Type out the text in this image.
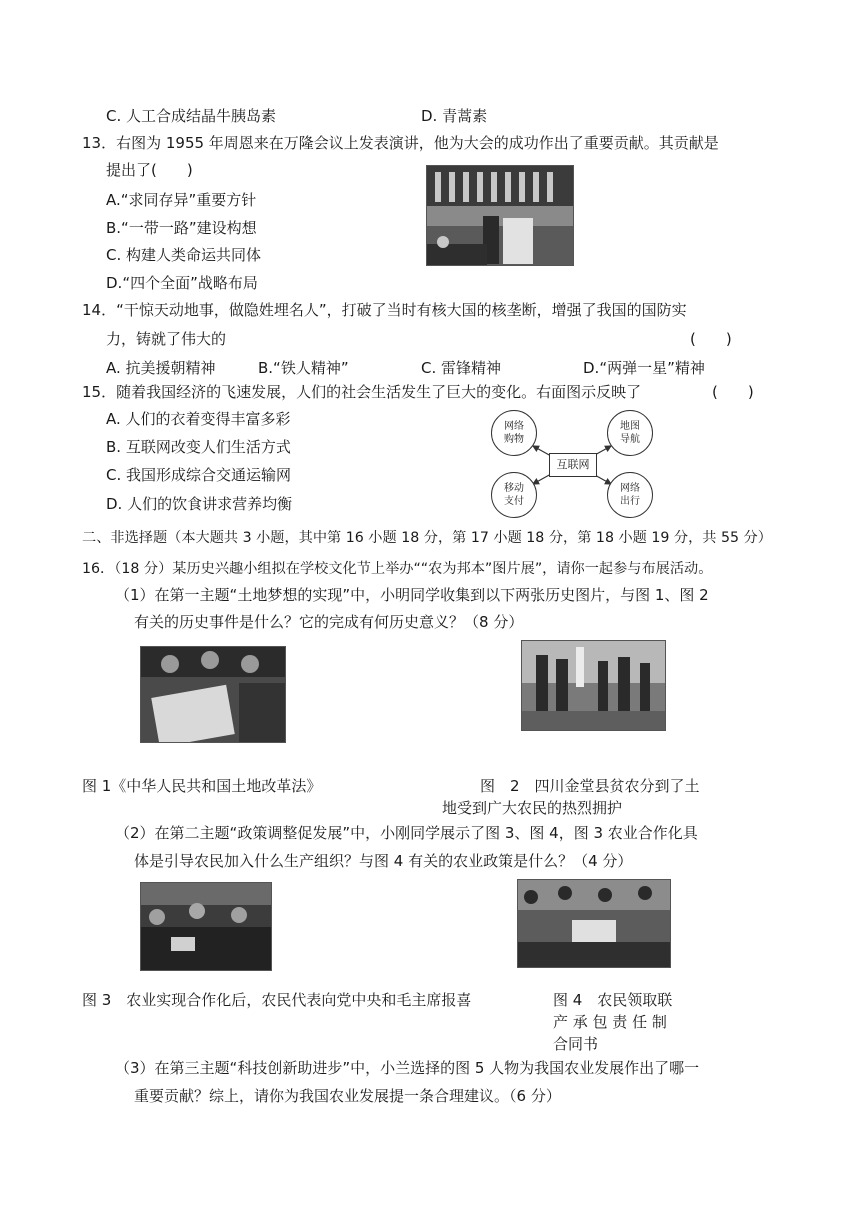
C. 人工合成结晶牛胰岛素	D. 青蒿素
13．右图为 1955 年周恩来在万隆会议上发表演讲，他为大会的成功作出了重要贡献。其贡献是
提出了(　　)
A.“求同存异”重要方针
B.“一带一路”建设构想
C. 构建人类命运共同体
D.“四个全面”战略布局
14．“干惊天动地事，做隐姓埋名人”，打破了当时有核大国的核垄断，增强了我国的国防实
力，铸就了伟大的	(　　)
A. 抗美援朝精神	B.“铁人精神”	C. 雷锋精神	D.“两弹一星”精神
15．随着我国经济的飞速发展，人们的社会生活发生了巨大的变化。右面图示反映了	(　　)
A. 人们的衣着变得丰富多彩
B. 互联网改变人们生活方式
C. 我国形成综合交通运输网
D. 人们的饮食讲求营养均衡
网络购物
地图导航
互联网
移动支付
网络出行
二、非选择题（本大题共 3 小题，其中第 16 小题 18 分，第 17 小题 18 分，第 18 小题 19 分，共 55 分）
16．（18 分）某历史兴趣小组拟在学校文化节上举办““农为邦本”图片展”，请你一起参与布展活动。
（1）在第一主题“土地梦想的实现”中，小明同学收集到以下两张历史图片，与图 1、图 2
有关的历史事件是什么？它的完成有何历史意义？（8 分）
图 1《中华人民共和国土地改革法》	图　2　四川金堂县贫农分到了土
地受到广大农民的热烈拥护
（2）在第二主题“政策调整促发展”中，小刚同学展示了图 3、图 4，图 3 农业合作化具
体是引导农民加入什么生产组织？与图 4 有关的农业政策是什么？（4 分）
图 3　农业实现合作化后，农民代表向党中央和毛主席报喜	图 4　农民领取联
产 承 包 责 任 制
合同书
（3）在第三主题“科技创新助进步”中，小兰选择的图 5 人物为我国农业发展作出了哪一
重要贡献？综上，请你为我国农业发展提一条合理建议。（6 分）
